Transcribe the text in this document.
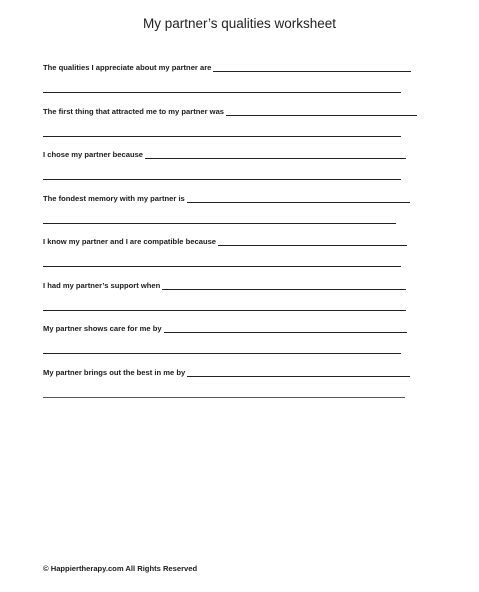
My partner’s qualities worksheet
The qualities I appreciate about my partner are
The first thing that attracted me to my partner was
I chose my partner because
The fondest memory with my partner is
I know my partner and I are compatible because
I had my partner’s support when
My partner shows care for me by
My partner brings out the best in me by
© Happiertherapy.com All Rights Reserved
